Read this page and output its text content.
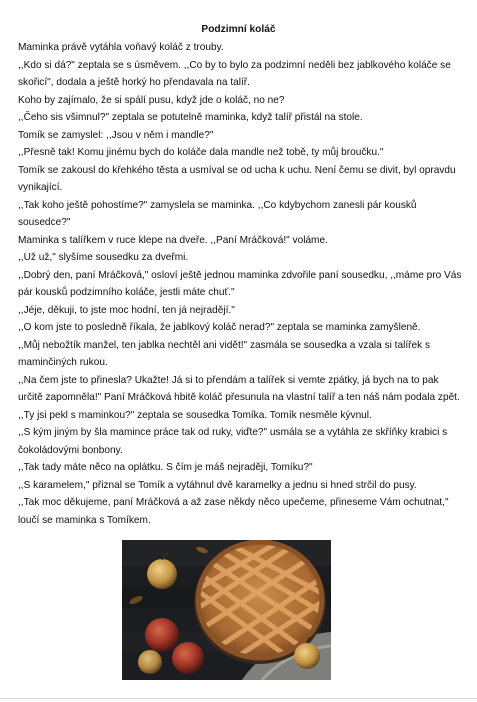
Podzimní koláč

Maminka právě vytáhla voňavý koláč z trouby.

,,Kdo si dá?" zeptala se s úsměvem. ,,Co by to bylo za podzimní neděli bez jablkového koláče se skořicí", dodala a ještě horký ho přendavala na talíř.

Koho by zajímalo, že si spálí pusu, když jde o koláč, no ne?

,,Čeho sis všimnul?" zeptala se potutelně maminka, když talíř přistál na stole.

Tomík se zamyslel: ,,Jsou v něm i mandle?"

,,Přesně tak! Komu jinému bych do koláče dala mandle než tobě, ty můj broučku."

Tomík se zakousl do křehkého těsta a usmíval se od ucha k uchu. Není čemu se divit, byl opravdu vynikající.

,,Tak koho ještě pohostíme?" zamyslela se maminka. ,,Co kdybychom zanesli pár kousků sousedce?"

Maminka s talířkem v ruce klepe na dveře. ,,Paní Mráčková!" voláme.

,,Už už," slyšíme sousedku za dveřmi.

,,Dobrý den, paní Mráčková," osloví ještě jednou maminka zdvořile paní sousedku, ,,máme pro Vás pár kousků podzimního koláče, jestli máte chuť."

,,Jéje, děkuji, to jste moc hodní, ten já nejradějí."

,,O kom jste to posledně říkala, že jablkový koláč nerad?" zeptala se maminka zamyšleně.

,,Můj nebožtík manžel, ten jablka nechtěl ani vidět!" zasmála se sousedka a vzala si talířek s maminčiných rukou.

,,Na čem jste to přinesla? Ukažte! Já si to přendám a talířek si vemte zpátky, já bych na to pak určitě zapomněla!" Paní Mráčková hbitě koláč přesunula na vlastní talíř a ten náš nám podala zpět.

,,Ty jsi pekl s maminkou?" zeptala se sousedka Tomíka. Tomík nesměle kývnul.

,,S kým jiným by šla mamince práce tak od ruky, viďte?" usmála se a vytáhla ze skříňky krabici s čokoládovými bonbony.

,,Tak tady máte něco na oplátku. S čím je máš nejraději, Tomíku?"

,,S karamelem," přiznal se Tomík a vytáhnul dvě karamelky a jednu si hned strčil do pusy.

,,Tak moc děkujeme, paní Mráčková a až zase někdy něco upečeme, přineseme Vám ochutnat," loučí se maminka s Tomíkem.
